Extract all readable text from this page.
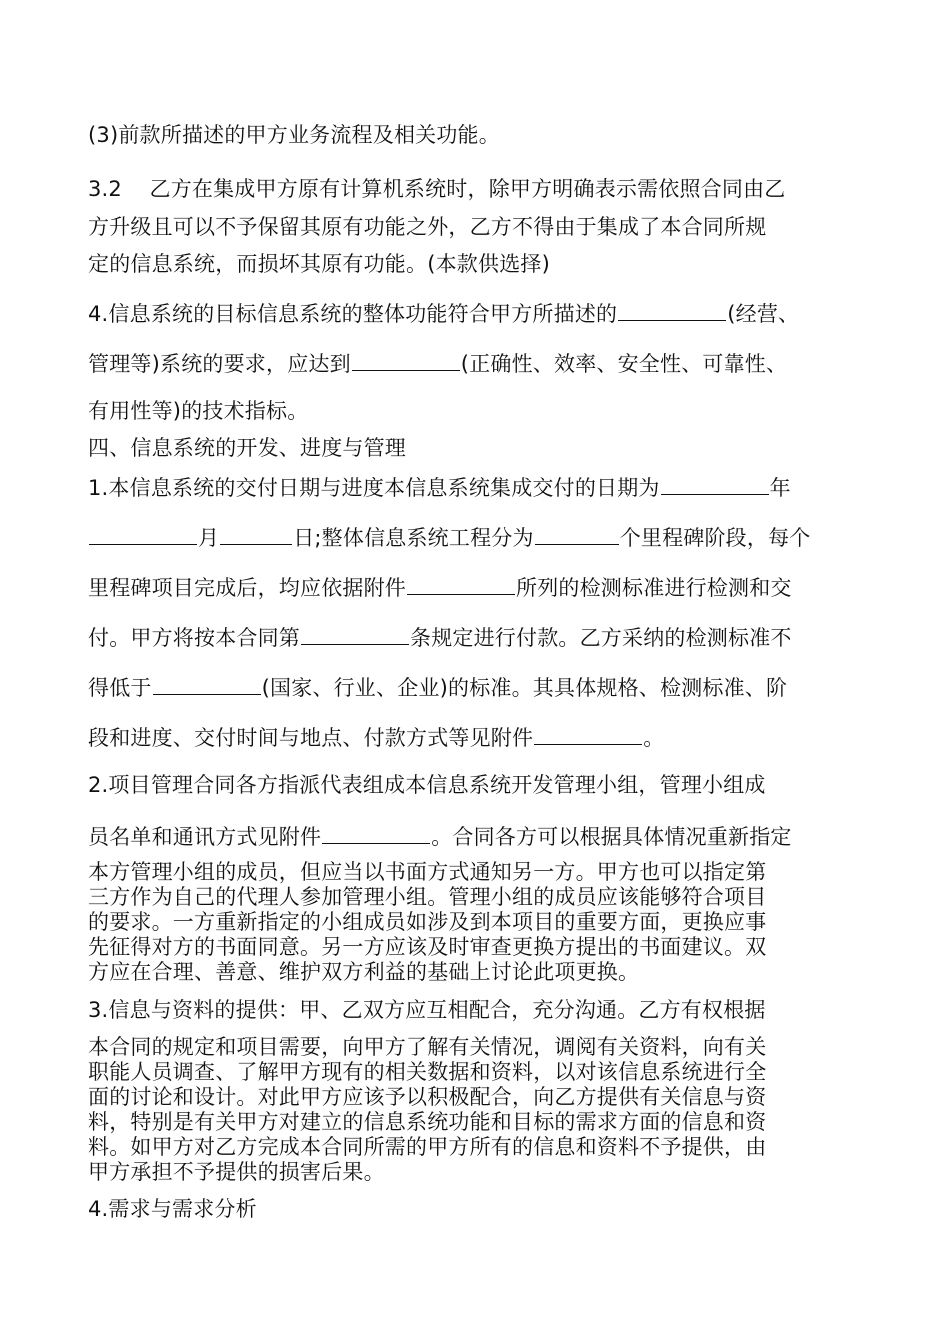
(3)前款所描述的甲方业务流程及相关功能。
3.2    乙方在集成甲方原有计算机系统时，除甲方明确表示需依照合同由乙
方升级且可以不予保留其原有功能之外，乙方不得由于集成了本合同所规
定的信息系统，而损坏其原有功能。(本款供选择)
4.信息系统的目标信息系统的整体功能符合甲方所描述的	(经营、
管理等)系统的要求，应达到	(正确性、效率、安全性、可靠性、
有用性等)的技术指标。
四、信息系统的开发、进度与管理
1.本信息系统的交付日期与进度本信息系统集成交付的日期为	年
月	日;整体信息系统工程分为	个里程碑阶段，每个
里程碑项目完成后，均应依据附件	所列的检测标准进行检测和交
付。甲方将按本合同第	条规定进行付款。乙方采纳的检测标准不
得低于	(国家、行业、企业)的标准。其具体规格、检测标准、阶
段和进度、交付时间与地点、付款方式等见附件	。
2.项目管理合同各方指派代表组成本信息系统开发管理小组，管理小组成
员名单和通讯方式见附件	。合同各方可以根据具体情况重新指定
本方管理小组的成员，但应当以书面方式通知另一方。甲方也可以指定第
三方作为自己的代理人参加管理小组。管理小组的成员应该能够符合项目
的要求。一方重新指定的小组成员如涉及到本项目的重要方面，更换应事
先征得对方的书面同意。另一方应该及时审查更换方提出的书面建议。双
方应在合理、善意、维护双方利益的基础上讨论此项更换。
3.信息与资料的提供：甲、乙双方应互相配合，充分沟通。乙方有权根据
本合同的规定和项目需要，向甲方了解有关情况，调阅有关资料，向有关
职能人员调查、了解甲方现有的相关数据和资料，以对该信息系统进行全
面的讨论和设计。对此甲方应该予以积极配合，向乙方提供有关信息与资
料，特别是有关甲方对建立的信息系统功能和目标的需求方面的信息和资
料。如甲方对乙方完成本合同所需的甲方所有的信息和资料不予提供，由
甲方承担不予提供的损害后果。
4.需求与需求分析
